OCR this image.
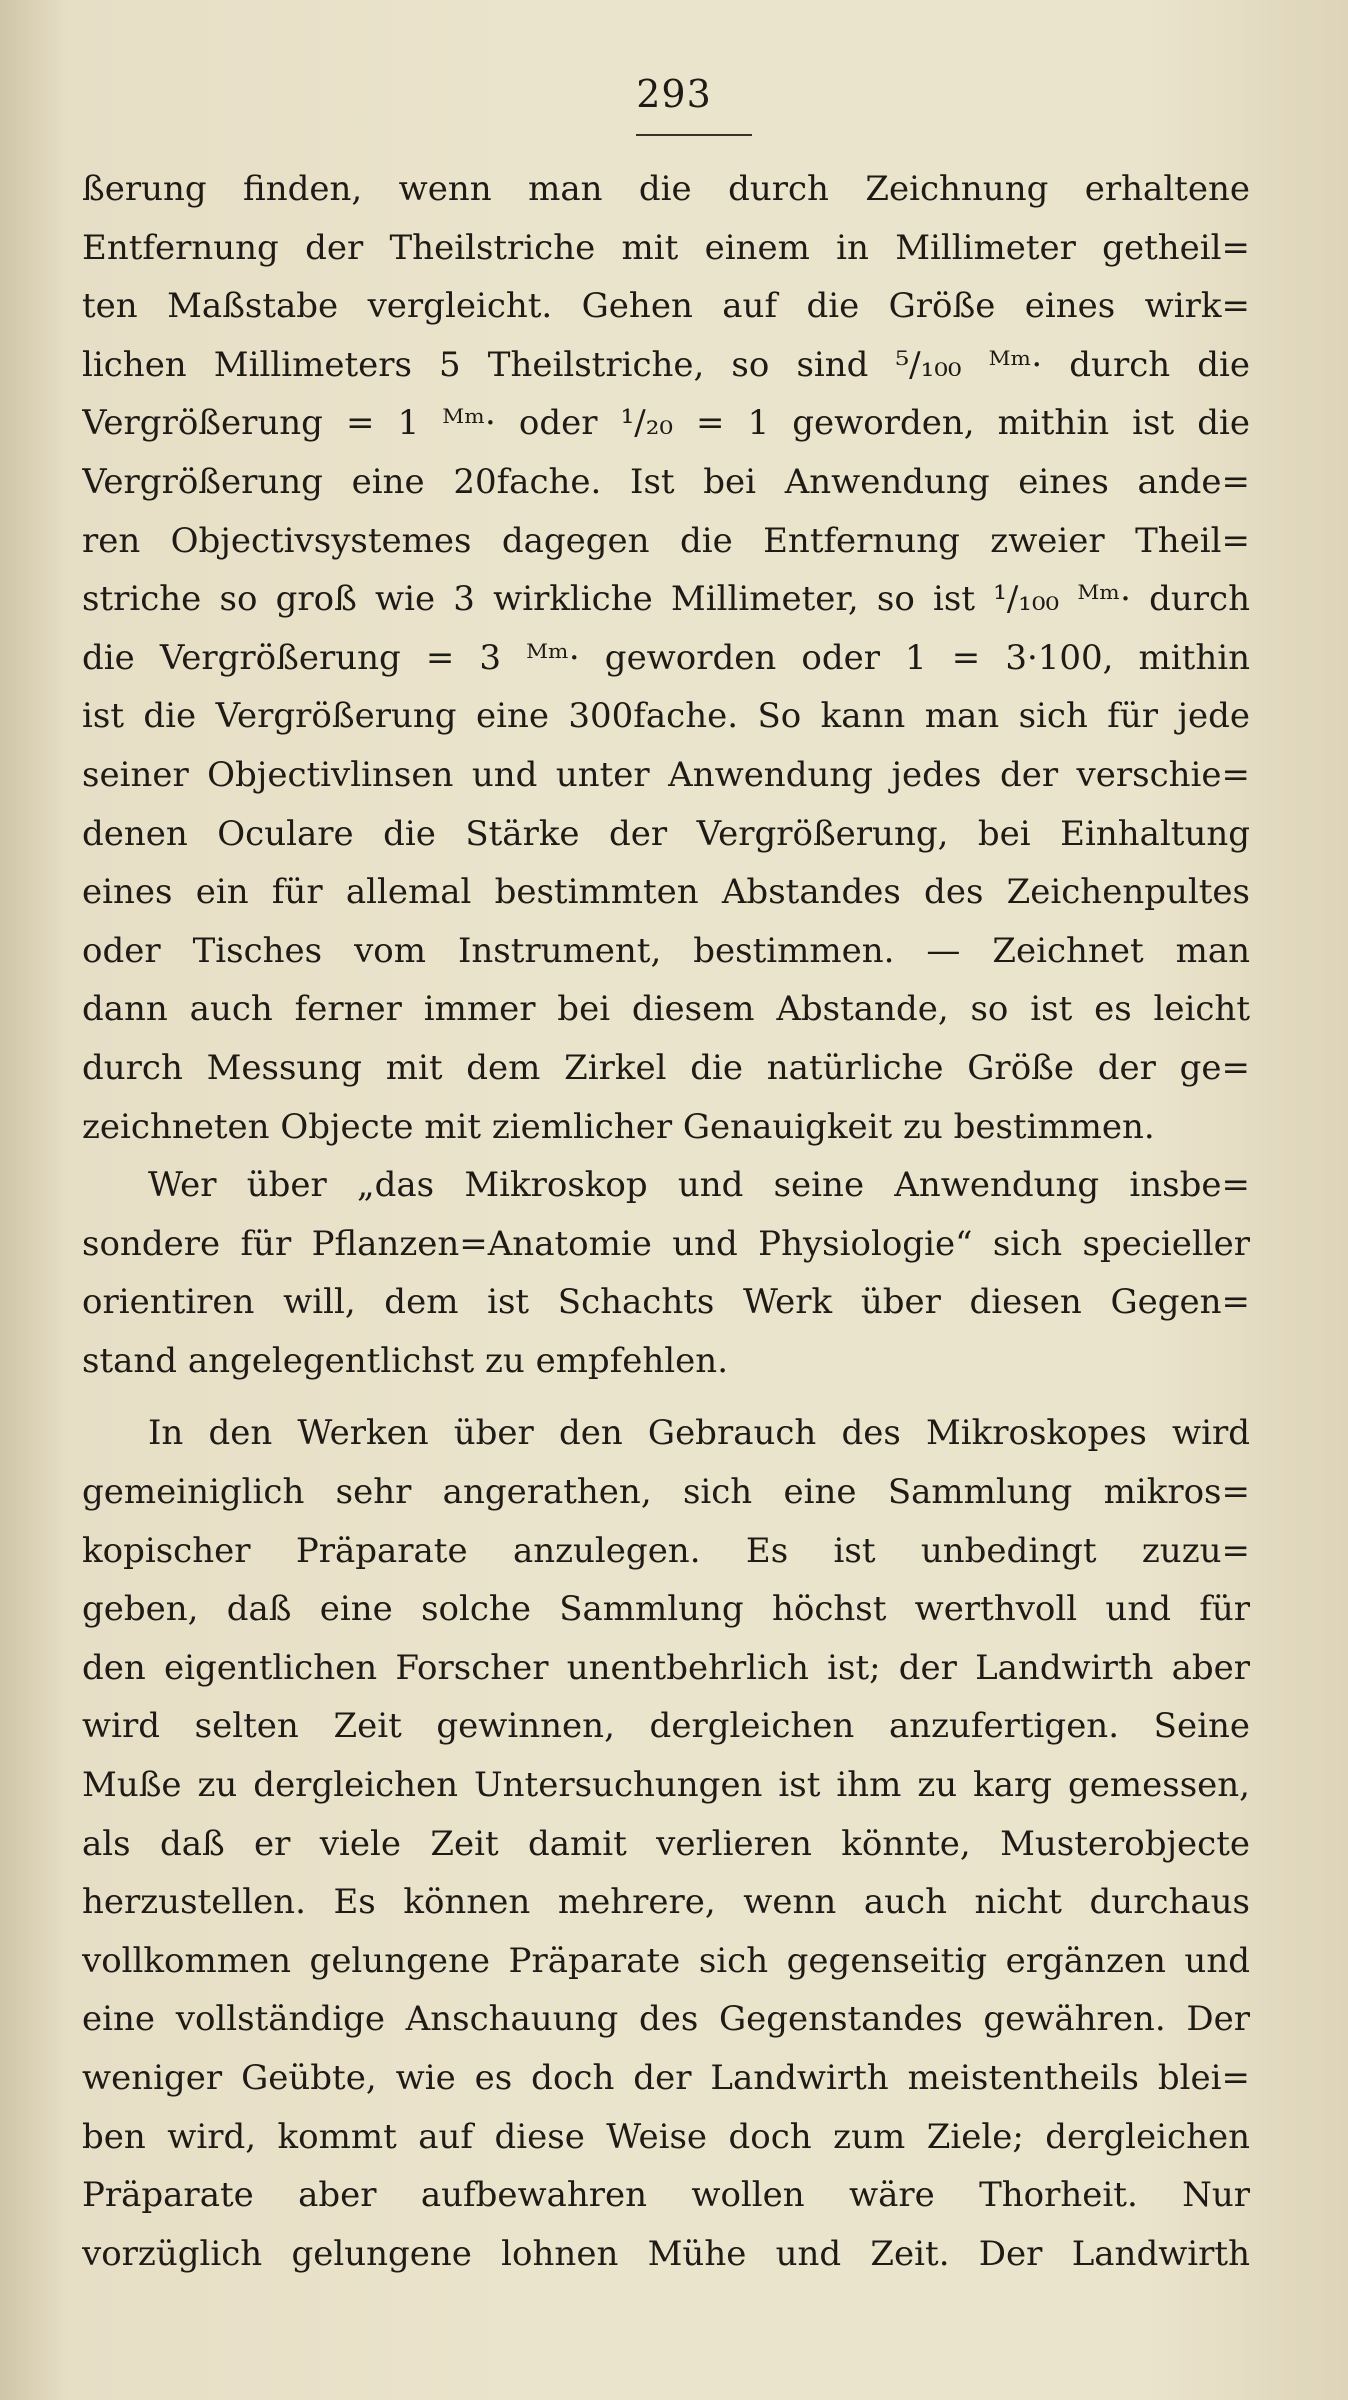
293
ßerung finden, wenn man die durch Zeichnung erhaltene
Entfernung der Theilstriche mit einem in Millimeter getheil=
ten Maßstabe vergleicht. Gehen auf die Größe eines wirk=
lichen Millimeters 5 Theilstriche, so sind ⁵/₁₀₀ ᴹᵐ· durch die
Vergrößerung = 1 ᴹᵐ· oder ¹/₂₀ = 1 geworden, mithin ist die
Vergrößerung eine 20fache. Ist bei Anwendung eines ande=
ren Objectivsystemes dagegen die Entfernung zweier Theil=
striche so groß wie 3 wirkliche Millimeter, so ist ¹/₁₀₀ ᴹᵐ· durch
die Vergrößerung = 3 ᴹᵐ· geworden oder 1 = 3·100, mithin
ist die Vergrößerung eine 300fache. So kann man sich für jede
seiner Objectivlinsen und unter Anwendung jedes der verschie=
denen Oculare die Stärke der Vergrößerung, bei Einhaltung
eines ein für allemal bestimmten Abstandes des Zeichenpultes
oder Tisches vom Instrument, bestimmen. — Zeichnet man
dann auch ferner immer bei diesem Abstande, so ist es leicht
durch Messung mit dem Zirkel die natürliche Größe der ge=
zeichneten Objecte mit ziemlicher Genauigkeit zu bestimmen.
Wer über „das Mikroskop und seine Anwendung insbe=
sondere für Pflanzen=Anatomie und Physiologie“ sich specieller
orientiren will, dem ist Schachts Werk über diesen Gegen=
stand angelegentlichst zu empfehlen.
In den Werken über den Gebrauch des Mikroskopes wird
gemeiniglich sehr angerathen, sich eine Sammlung mikros=
kopischer Präparate anzulegen. Es ist unbedingt zuzu=
geben, daß eine solche Sammlung höchst werthvoll und für
den eigentlichen Forscher unentbehrlich ist; der Landwirth aber
wird selten Zeit gewinnen, dergleichen anzufertigen. Seine
Muße zu dergleichen Untersuchungen ist ihm zu karg gemessen,
als daß er viele Zeit damit verlieren könnte, Musterobjecte
herzustellen. Es können mehrere, wenn auch nicht durchaus
vollkommen gelungene Präparate sich gegenseitig ergänzen und
eine vollständige Anschauung des Gegenstandes gewähren. Der
weniger Geübte, wie es doch der Landwirth meistentheils blei=
ben wird, kommt auf diese Weise doch zum Ziele; dergleichen
Präparate aber aufbewahren wollen wäre Thorheit. Nur
vorzüglich gelungene lohnen Mühe und Zeit. Der Landwirth
